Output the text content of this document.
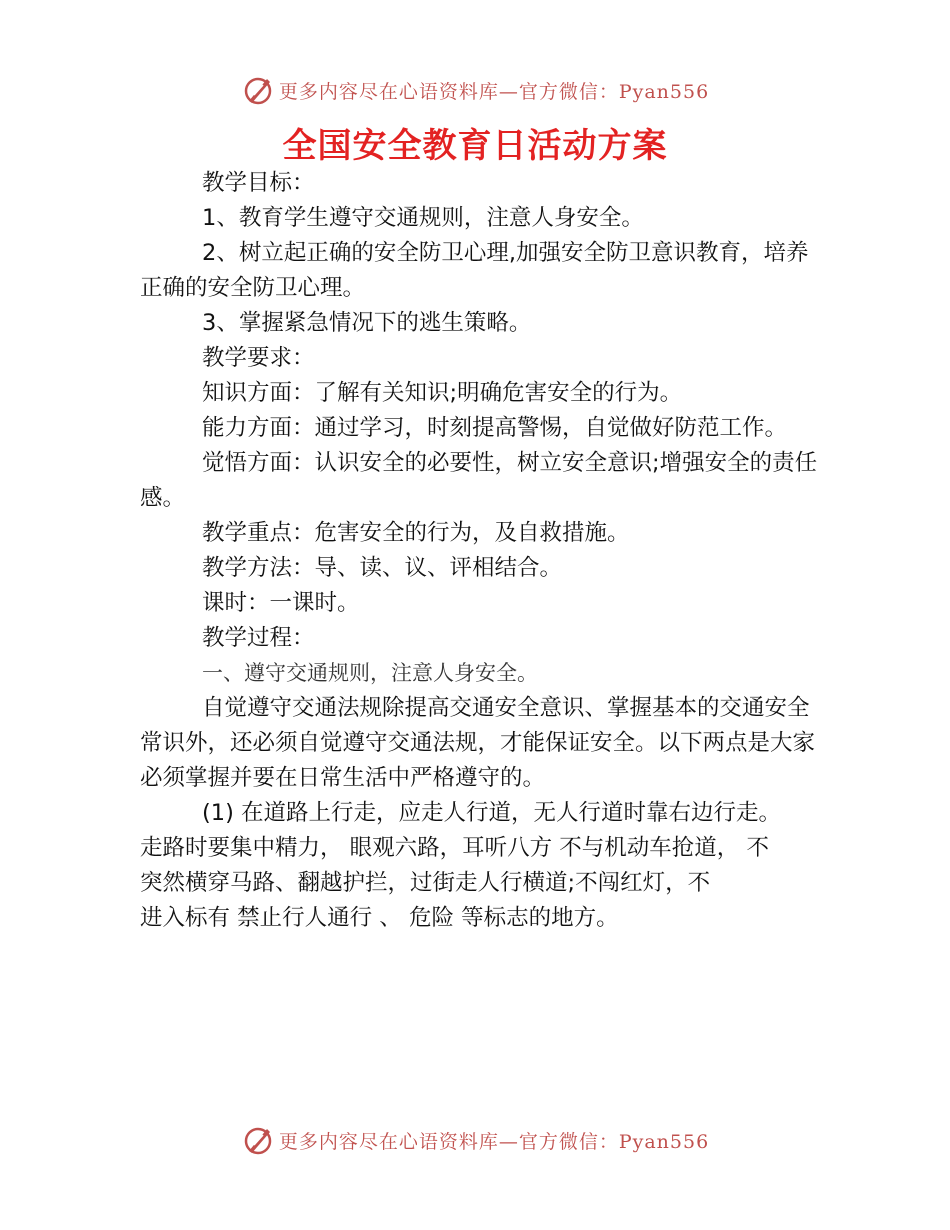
更多内容尽在心语资料库—官方微信：Pyan556
全国安全教育日活动方案

教学目标：

1、教育学生遵守交通规则，注意人身安全。

2、树立起正确的安全防卫心理,加强安全防卫意识教育，培养正确的安全防卫心理。

3、掌握紧急情况下的逃生策略。

教学要求：

知识方面：了解有关知识;明确危害安全的行为。

能力方面：通过学习，时刻提高警惕，自觉做好防范工作。

觉悟方面：认识安全的必要性，树立安全意识;增强安全的责任感。

教学重点：危害安全的行为，及自救措施。

教学方法：导、读、议、评相结合。

课时：一课时。

教学过程：

一、遵守交通规则，注意人身安全。

自觉遵守交通法规除提高交通安全意识、掌握基本的交通安全常识外，还必须自觉遵守交通法规，才能保证安全。以下两点是大家必须掌握并要在日常生活中严格遵守的。

(1) 在道路上行走，应走人行道，无人行道时靠右边行走。
走路时要集中精力， 眼观六路，耳听八方 不与机动车抢道， 不
突然横穿马路、翻越护拦，过街走人行横道;不闯红灯，不
进入标有 禁止行人通行 、 危险 等标志的地方。
更多内容尽在心语资料库—官方微信：Pyan556
